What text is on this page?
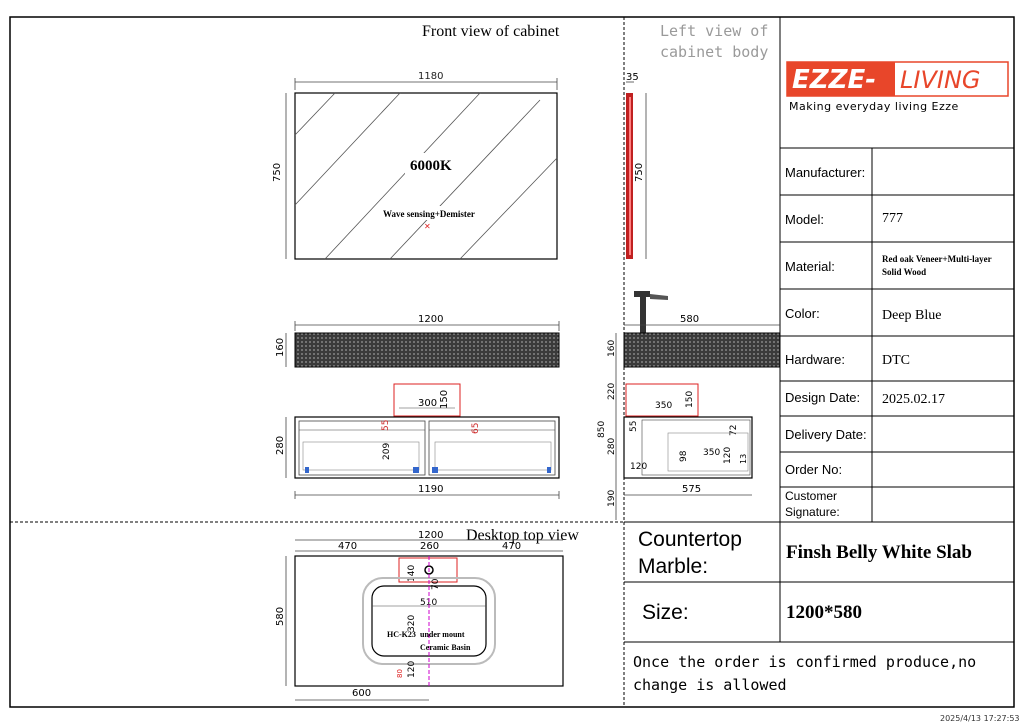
Front view of cabinet	Left view of
cabinet body
Desktop top view
1180
750	6000K
Wave sensing+Demister
✕
35
750
1200
160
300 150
55
209
65
280
1190
580
160
350 150
220
850 55	72
120
98 350 120 13
280
190
575
1200
470	260	470
580
140
70
510
320
120
80
HC-K23 under mount
Ceramic Basin
600
EZZE- LIVING
Making everyday living Ezze
Manufacturer:
Model:	777
Material:	Red oak Veneer+Multi-layer
Solid Wood
Color:	Deep Blue
Hardware:	DTC
Design Date: 2025.02.17
Delivery Date:
Order No:
Customer
Signature:
Countertop
Marble:
Finsh Belly White Slab
Size:	1200*580
Once the order is confirmed produce,no
change is allowed
2025/4/13 17:27:53
